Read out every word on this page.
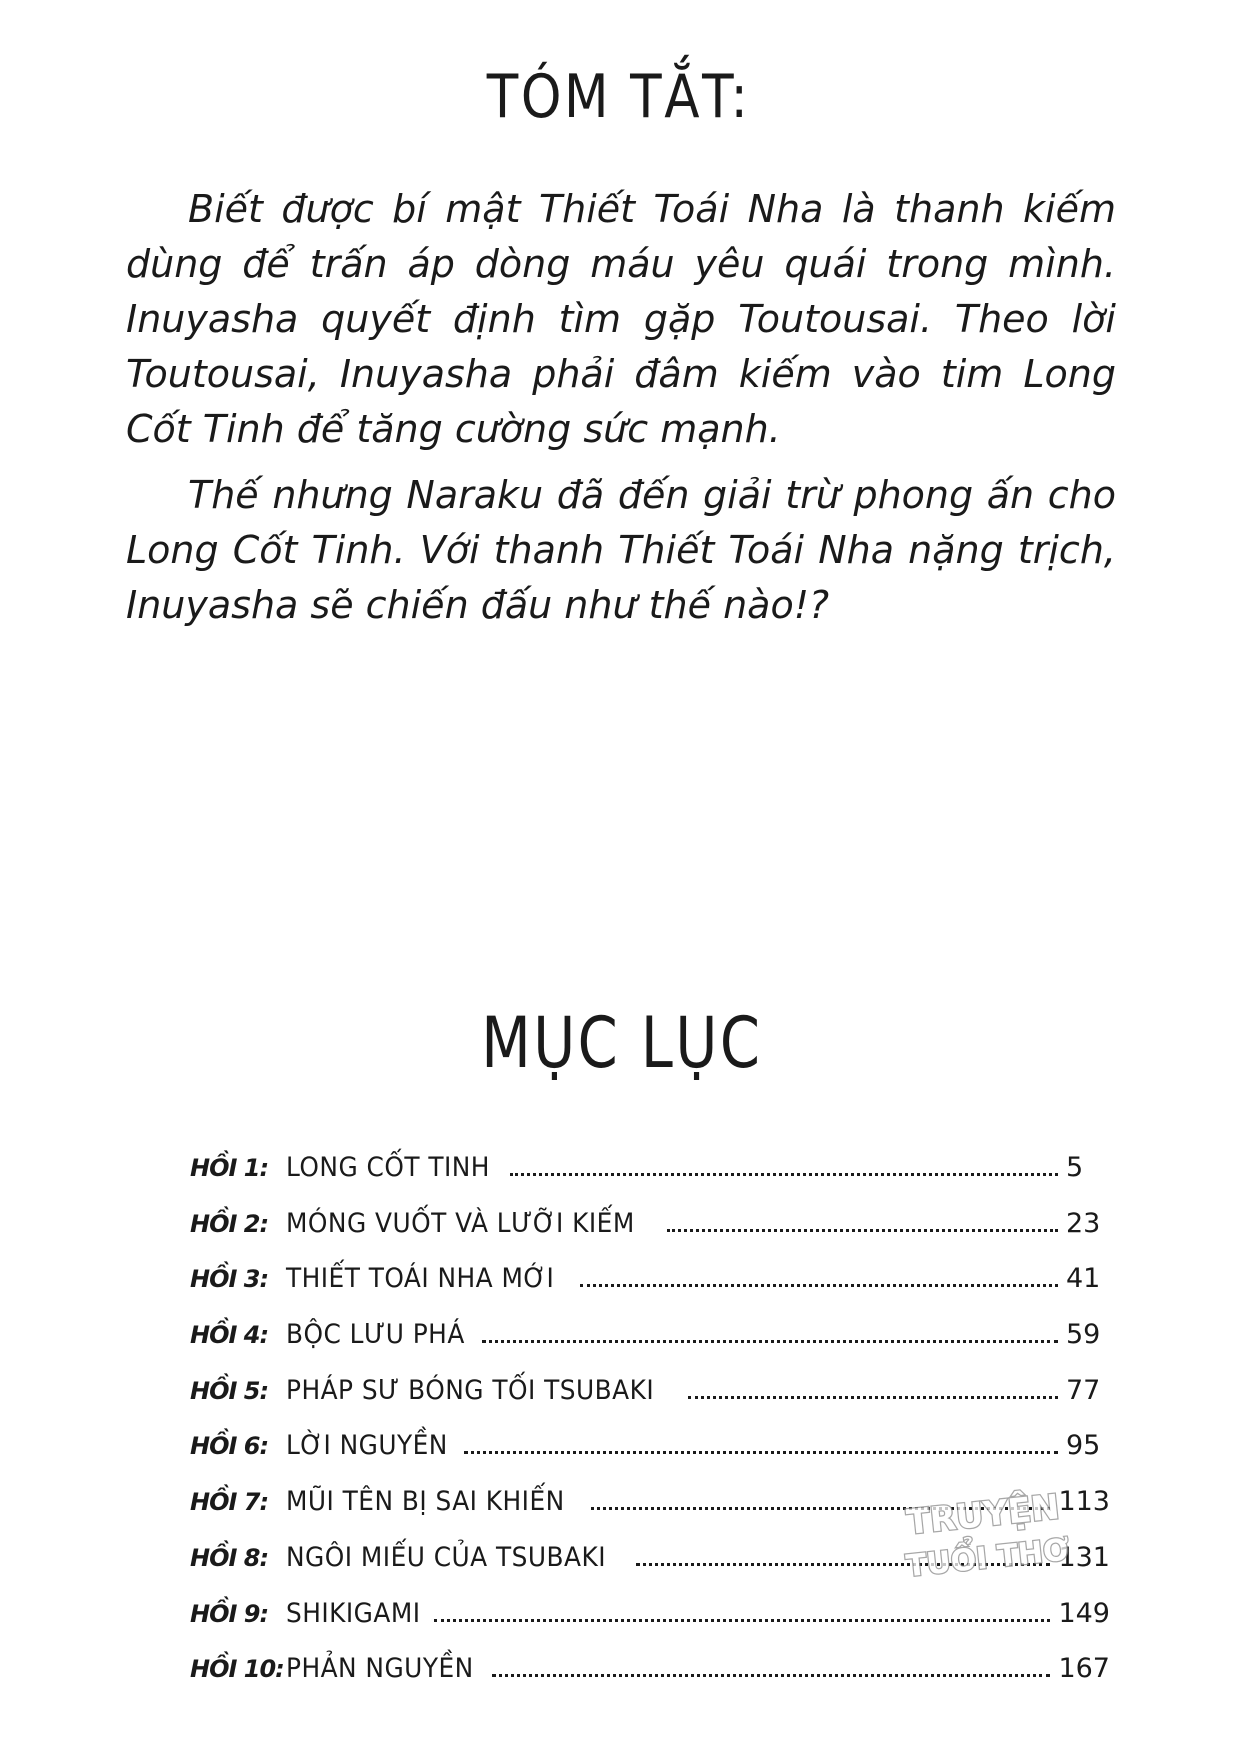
TÓM TẮT:

Biết được bí mật Thiết Toái Nha là thanh kiếm dùng để trấn áp dòng máu yêu quái trong mình. Inuyasha quyết định tìm gặp Toutousai. Theo lời Toutousai, Inuyasha phải đâm kiếm vào tim Long Cốt Tinh để tăng cường sức mạnh.

Thế nhưng Naraku đã đến giải trừ phong ấn cho Long Cốt Tinh. Với thanh Thiết Toái Nha nặng trịch, Inuyasha sẽ chiến đấu như thế nào!?

MỤC LỤC
HỒI 1: LONG CỐT TINH	5
HỒI 2: MÓNG VUỐT VÀ LƯỠI KIẾM	23
HỒI 3: THIẾT TOÁI NHA MỚI	41
HỒI 4: BỘC LƯU PHÁ	59
HỒI 5: PHÁP SƯ BÓNG TỐI TSUBAKI	77
HỒI 6: LỜI NGUYỀN	95
HỒI 7: MŨI TÊN BỊ SAI KHIẾN	113
HỒI 8: NGÔI MIẾU CỦA TSUBAKI	131
HỒI 9: SHIKIGAMI	149
HỒI 10: PHẢN NGUYỀN	167
TRUYỆN
TUỔI THƠ
